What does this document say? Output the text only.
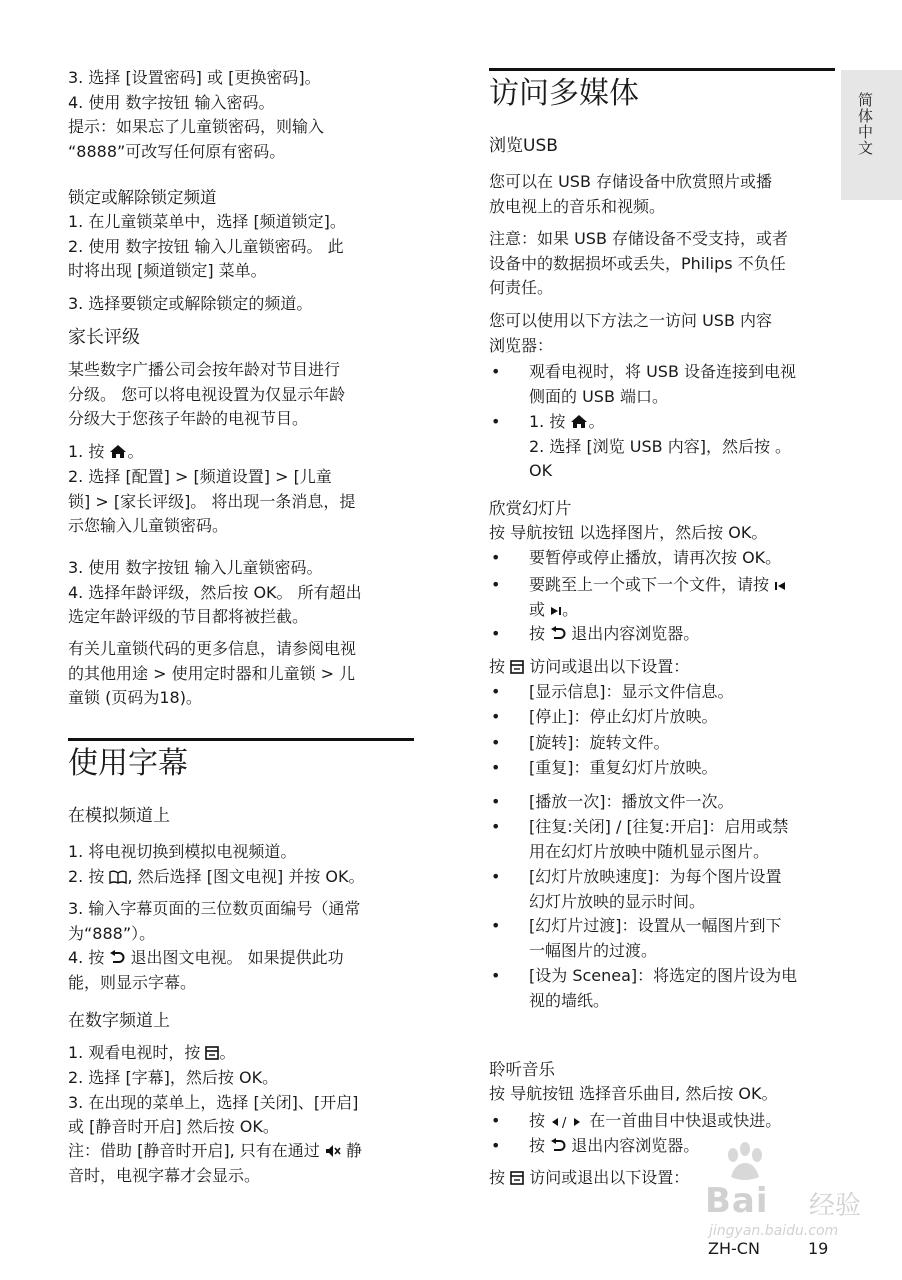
简体中文
3. 选择 [设置密码] 或 [更换密码]。
4. 使用 数字按钮 输入密码。
提示：如果忘了儿童锁密码，则输入
“8888”可改写任何原有密码。
锁定或解除锁定频道
1. 在儿童锁菜单中，选择 [频道锁定]。
2. 使用 数字按钮 输入儿童锁密码。 此
时将出现 [频道锁定] 菜单。
3. 选择要锁定或解除锁定的频道。
家长评级
某些数字广播公司会按年龄对节目进行
分级。 您可以将电视设置为仅显示年龄
分级大于您孩子年龄的电视节目。
1. 按 。
2. 选择 [配置] > [频道设置] > [儿童
锁] > [家长评级]。 将出现一条消息，提
示您输入儿童锁密码。
3. 使用 数字按钮 输入儿童锁密码。
4. 选择年龄评级，然后按 OK。 所有超出
选定年龄评级的节目都将被拦截。
有关儿童锁代码的更多信息，请参阅电视
的其他用途 > 使用定时器和儿童锁 > 儿
童锁 (页码为18)。
使用字幕
在模拟频道上
1. 将电视切换到模拟电视频道。
2. 按 , 然后选择 [图文电视] 并按 OK。
3. 输入字幕页面的三位数页面编号（通常
为“888”）。
4. 按 退出图文电视。 如果提供此功
能，则显示字幕。
在数字频道上
1. 观看电视时，按 。
2. 选择 [字幕]，然后按 OK。
3. 在出现的菜单上，选择 [关闭]、[开启]
或 [静音时开启] 然后按 OK。
注：借助 [静音时开启], 只有在通过 静
音时，电视字幕才会显示。
访问多媒体
浏览USB
您可以在 USB 存储设备中欣赏照片或播
放电视上的音乐和视频。
注意：如果 USB 存储设备不受支持，或者
设备中的数据损坏或丢失，Philips 不负任
何责任。
您可以使用以下方法之一访问 USB 内容
浏览器：
• 观看电视时，将 USB 设备连接到电视
侧面的 USB 端口。
• 1. 按 。
2. 选择 [浏览 USB 内容]，然后按 。
OK
欣赏幻灯片
按 导航按钮 以选择图片，然后按 OK。
• 要暂停或停止播放，请再次按 OK。
• 要跳至上一个或下一个文件，请按
或 。
• 按 退出内容浏览器。
按 访问或退出以下设置：
• [显示信息]：显示文件信息。
• [停止]：停止幻灯片放映。
• [旋转]：旋转文件。
• [重复]：重复幻灯片放映。
• [播放一次]：播放文件一次。
• [往复:关闭] / [往复:开启]：启用或禁
用在幻灯片放映中随机显示图片。
• [幻灯片放映速度]：为每个图片设置
幻灯片放映的显示时间。
• [幻灯片过渡]：设置从一幅图片到下
一幅图片的过渡。
• [设为 Scenea]：将选定的图片设为电
视的墙纸。
聆听音乐
按 导航按钮 选择音乐曲目, 然后按 OK。
• 按 / 在一首曲目中快退或快进。
• 按 退出内容浏览器。
按 访问或退出以下设置：
Bai 经验
jingyan.baidu.com
ZH-CN	19
